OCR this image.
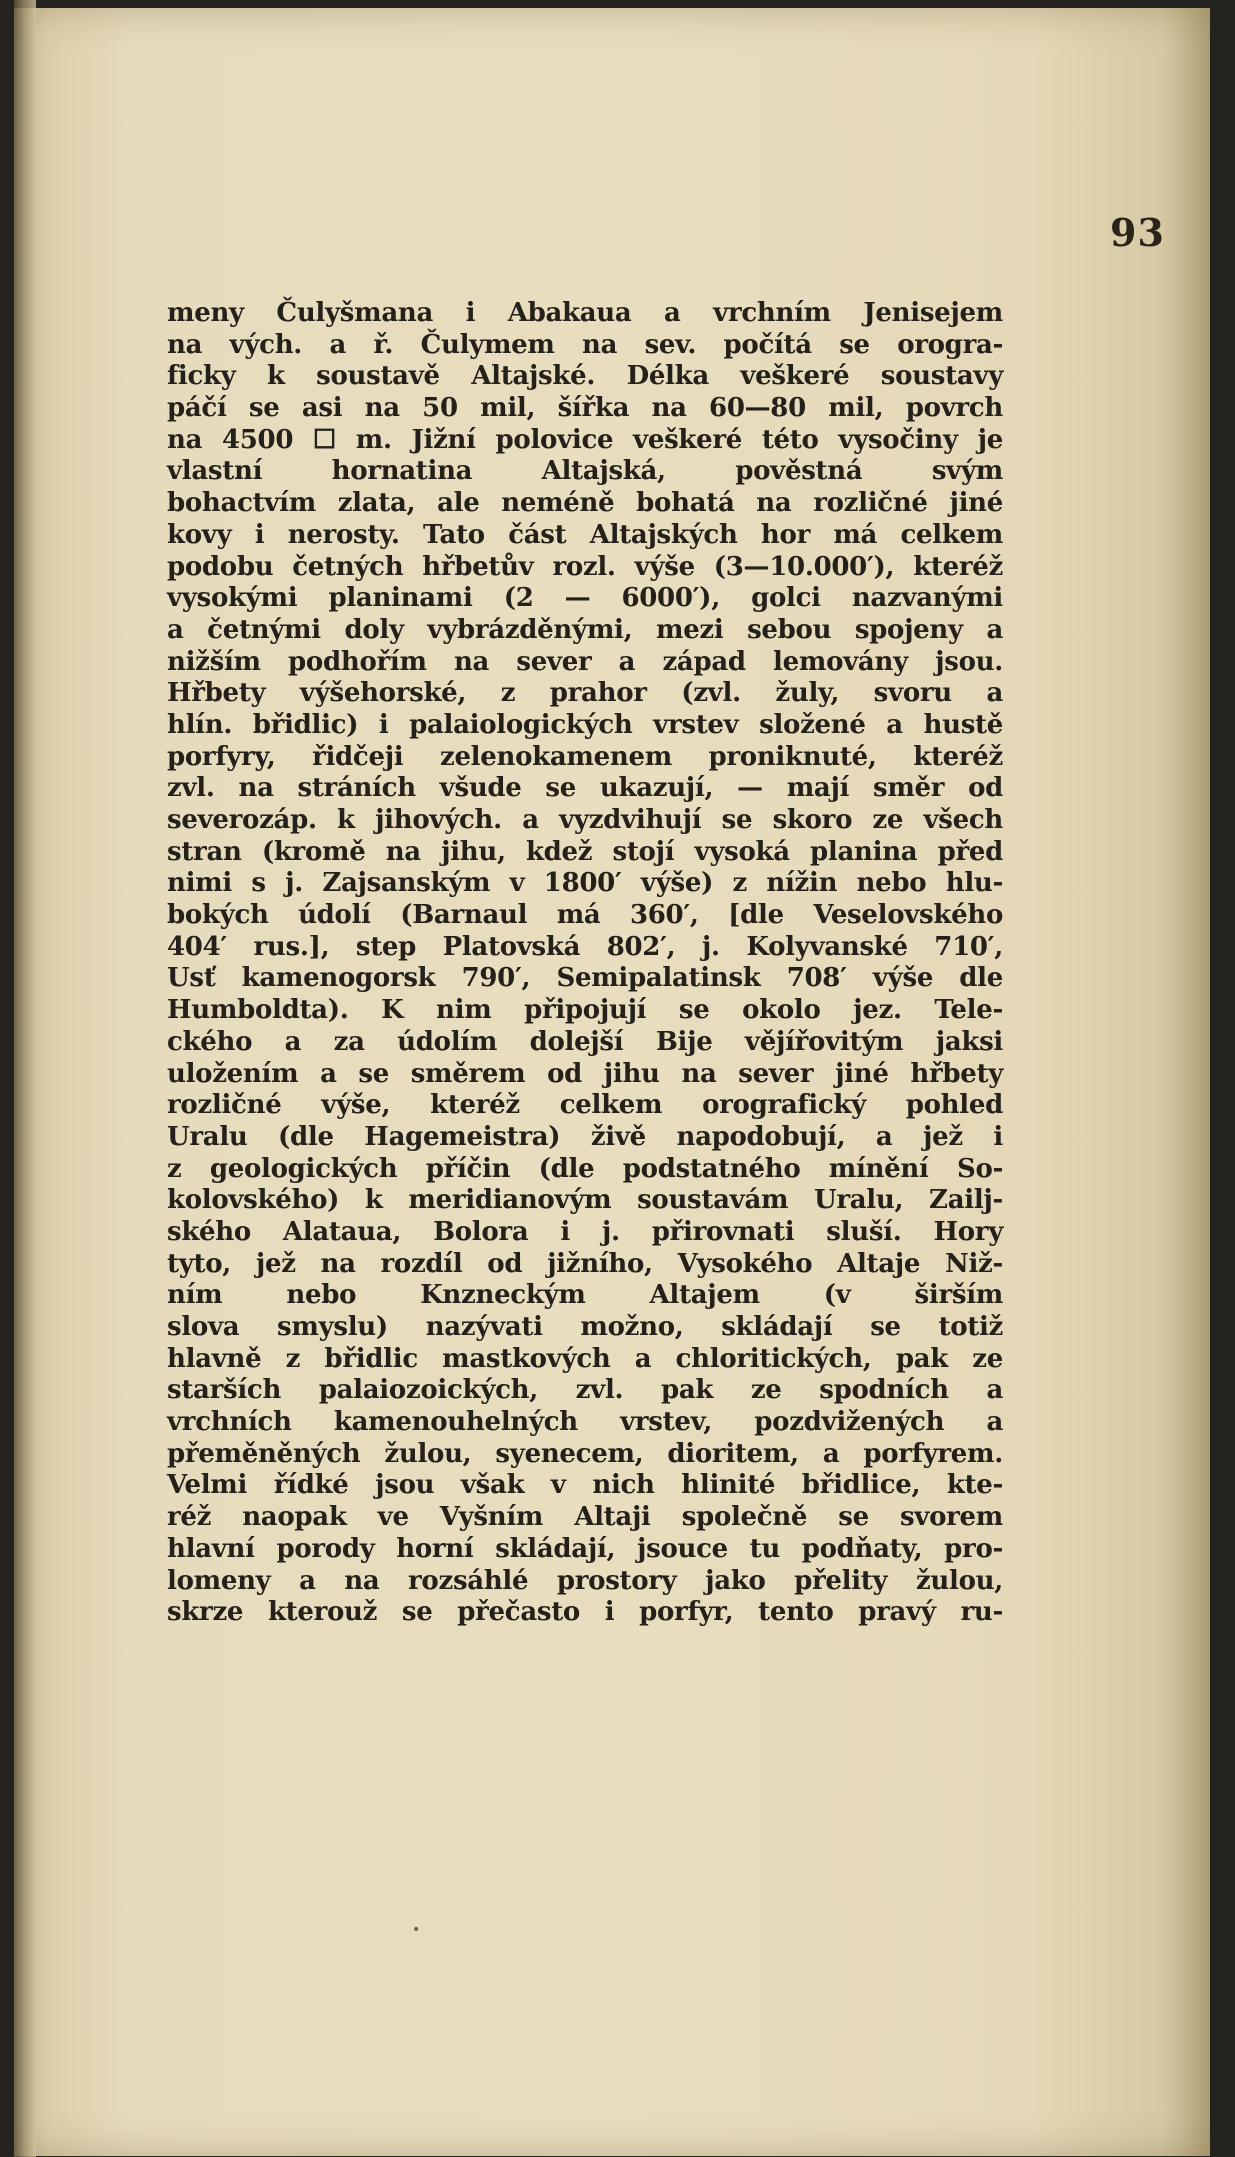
93
meny Čulyšmana i Abakaua a vrchním Jenisejem
na vých. a ř. Čulymem na sev. počítá se orogra-
ficky k soustavě Altajské. Délka veškeré soustavy
páčí se asi na 50 mil, šířka na 60—80 mil, povrch
na 4500 ☐ m. Jižní polovice veškeré této vysočiny je
vlastní hornatina Altajská, pověstná svým
bohactvím zlata, ale neméně bohatá na rozličné jiné
kovy i nerosty. Tato část Altajských hor má celkem
podobu četných hřbetův rozl. výše (3—10.000′), kteréž
vysokými planinami (2 — 6000′), golci nazvanými
a četnými doly vybrázděnými, mezi sebou spojeny a
nižším podhořím na sever a západ lemovány jsou.
Hřbety výšehorské, z prahor (zvl. žuly, svoru a
hlín. břidlic) i palaiologických vrstev složené a hustě
porfyry, řidčeji zelenokamenem proniknuté, kteréž
zvl. na stráních všude se ukazují, — mají směr od
severozáp. k jihových. a vyzdvihují se skoro ze všech
stran (kromě na jihu, kdež stojí vysoká planina před
nimi s j. Zajsanským v 1800′ výše) z nížin nebo hlu-
bokých údolí (Barnaul má 360′, [dle Veselovského
404′ rus.], step Platovská 802′, j. Kolyvanské 710′,
Usť kamenogorsk 790′, Semipalatinsk 708′ výše dle
Humboldta). K nim připojují se okolo jez. Tele-
ckého a za údolím dolejší Bije vějířovitým jaksi
uložením a se směrem od jihu na sever jiné hřbety
rozličné výše, kteréž celkem orografický pohled
Uralu (dle Hagemeistra) živě napodobují, a jež i
z geologických příčin (dle podstatného mínění So-
kolovského) k meridianovým soustavám Uralu, Zailj-
ského Alataua, Bolora i j. přirovnati sluší. Hory
tyto, jež na rozdíl od jižního, Vysokého Altaje Niž-
ním nebo Knzneckým Altajem (v širším
slova smyslu) nazývati možno, skládají se totiž
hlavně z břidlic mastkových a chloritických, pak ze
starších palaiozoických, zvl. pak ze spodních a
vrchních kamenouhelných vrstev, pozdvižených a
přeměněných žulou, syenecem, dioritem, a porfyrem.
Velmi řídké jsou však v nich hlinité břidlice, kte-
réž naopak ve Vyšním Altaji společně se svorem
hlavní porody horní skládají, jsouce tu podňaty, pro-
lomeny a na rozsáhlé prostory jako přelity žulou,
skrze kterouž se přečasto i porfyr, tento pravý ru-
•
